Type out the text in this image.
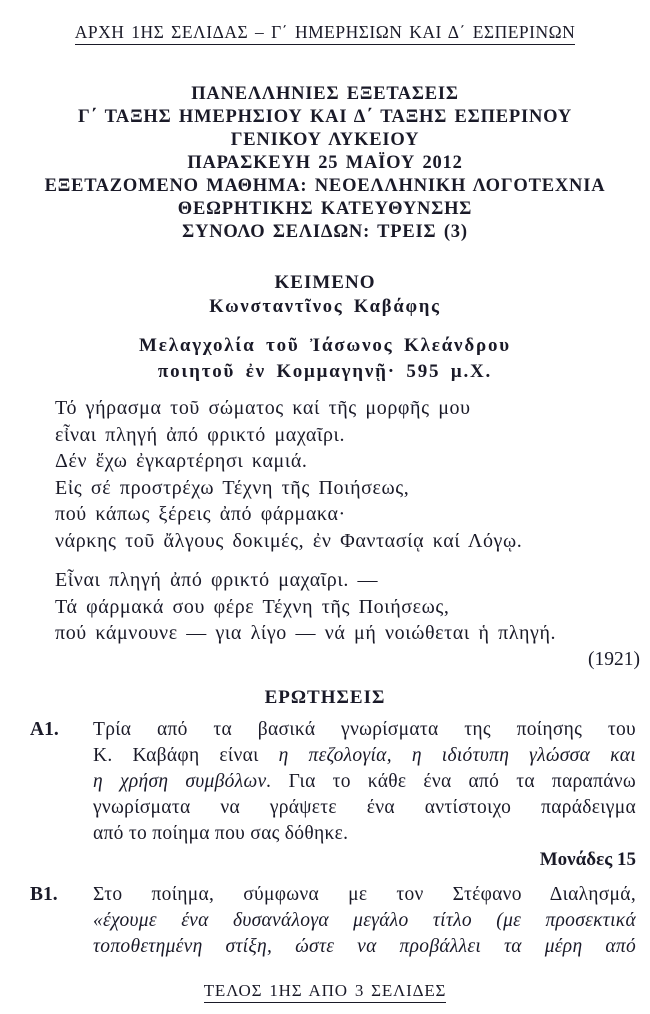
ΑΡΧΗ 1ΗΣ ΣΕΛΙΔΑΣ – Γ΄ ΗΜΕΡΗΣΙΩΝ ΚΑΙ Δ΄ ΕΣΠΕΡΙΝΩΝ
ΠΑΝΕΛΛΗΝΙΕΣ ΕΞΕΤΑΣΕΙΣ
Γ΄ ΤΑΞΗΣ ΗΜΕΡΗΣΙΟΥ ΚΑΙ Δ΄ ΤΑΞΗΣ ΕΣΠΕΡΙΝΟΥ
ΓΕΝΙΚΟΥ ΛΥΚΕΙΟΥ
ΠΑΡΑΣΚΕΥΗ 25 ΜΑΪΟΥ 2012
ΕΞΕΤΑΖΟΜΕΝΟ ΜΑΘΗΜΑ: ΝΕΟΕΛΛΗΝΙΚΗ ΛΟΓΟΤΕΧΝΙΑ
ΘΕΩΡΗΤΙΚΗΣ ΚΑΤΕΥΘΥΝΣΗΣ
ΣΥΝΟΛΟ ΣΕΛΙΔΩΝ: ΤΡΕΙΣ (3)
ΚΕΙΜΕΝΟ
Κωνσταντῖνος Καβάφης
Μελαγχολία τοῦ Ἰάσωνος Κλεάνδρου
ποιητοῦ ἐν Κομμαγηνῇ· 595 μ.Χ.
Τό γήρασμα τοῦ σώματος καί τῆς μορφῆς μου
εἶναι πληγή ἀπό φρικτό μαχαῖρι.
Δέν ἔχω ἐγκαρτέρησι καμιά.
Εἰς σέ προστρέχω Τέχνη τῆς Ποιήσεως,
πού κάπως ξέρεις ἀπό φάρμακα·
νάρκης τοῦ ἄλγους δοκιμές, ἐν Φαντασίᾳ καί Λόγῳ.
Εἶναι πληγή ἀπό φρικτό μαχαῖρι. —
Τά φάρμακά σου φέρε Τέχνη τῆς Ποιήσεως,
πού κάμνουνε — για λίγο — νά μή νοιώθεται ἡ πληγή.
(1921)
ΕΡΩΤΗΣΕΙΣ
Α1.	Τρία από τα βασικά γνωρίσματα της ποίησης του
Κ. Καβάφη είναι η πεζολογία, η ιδιότυπη γλώσσα και
η χρήση συμβόλων. Για το κάθε ένα από τα παραπάνω
γνωρίσματα να γράψετε ένα αντίστοιχο παράδειγμα
από το ποίημα που σας δόθηκε.
Μονάδες 15
Β1.	Στο ποίημα, σύμφωνα με τον Στέφανο Διαλησμά,
«έχουμε ένα δυσανάλογα μεγάλο τίτλο (με προσεκτικά
τοποθετημένη στίξη, ώστε να προβάλλει τα μέρη από
ΤΕΛΟΣ 1ΗΣ ΑΠΟ 3 ΣΕΛΙΔΕΣ
